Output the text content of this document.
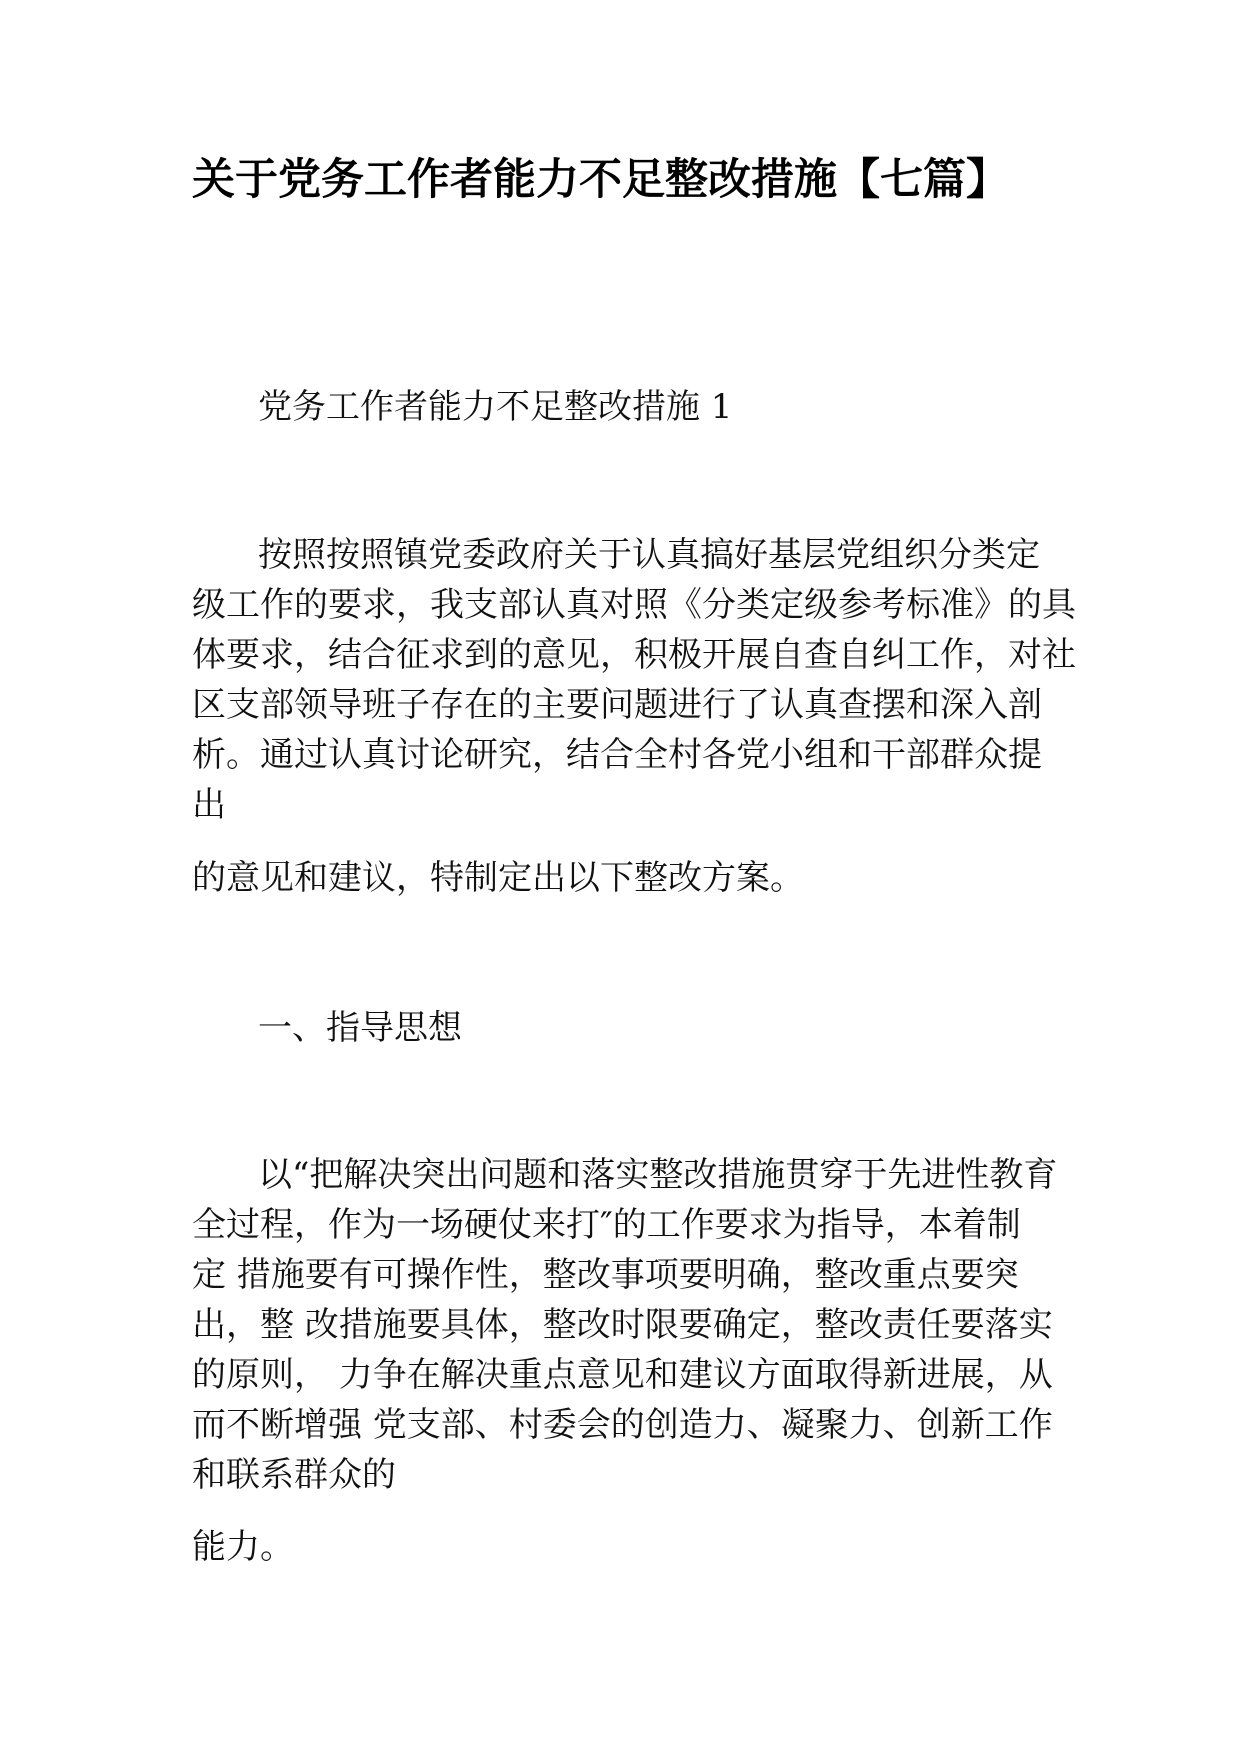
关于党务工作者能力不足整改措施【七篇】
党务工作者能力不足整改措施 1
按照按照镇党委政府关于认真搞好基层党组织分类定
级工作的要求，我支部认真对照《分类定级参考标准》的具
体要求，结合征求到的意见，积极开展自查自纠工作，对社
区支部领导班子存在的主要问题进行了认真查摆和深入剖
析。通过认真讨论研究，结合全村各党小组和干部群众提
出
的意见和建议，特制定出以下整改方案。
一、指导思想
以“把解决突出问题和落实整改措施贯穿于先进性教育
全过程，作为一场硬仗来打″的工作要求为指导，本着制
定 措施要有可操作性，整改事项要明确，整改重点要突
出，整 改措施要具体，整改时限要确定，整改责任要落实
的原则， 力争在解决重点意见和建议方面取得新进展，从
而不断增强 党支部、村委会的创造力、凝聚力、创新工作
和联系群众的
能力。
